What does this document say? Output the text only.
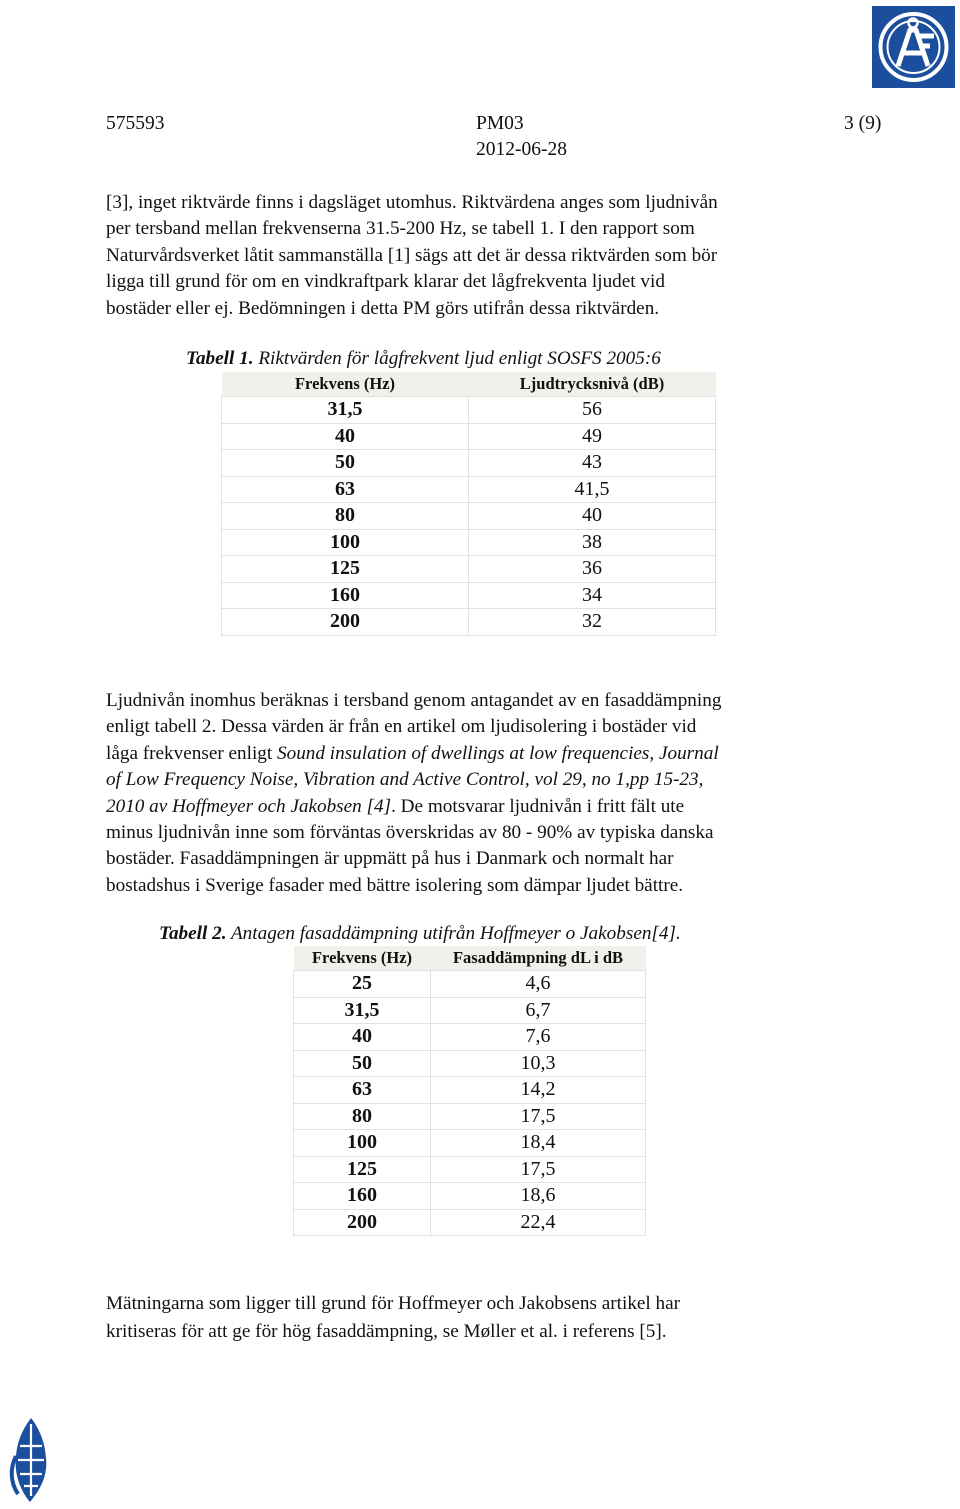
575593	PM03
2012-06-28
3 (9)
[3], inget riktvärde finns i dagsläget utomhus. Riktvärdena anges som ljudnivån
per tersband mellan frekvenserna 31.5-200 Hz, se tabell 1. I den rapport som
Naturvårdsverket låtit sammanställa [1] sägs att det är dessa riktvärden som bör
ligga till grund för om en vindkraftpark klarar det lågfrekventa ljudet vid
bostäder eller ej. Bedömningen i detta PM görs utifrån dessa riktvärden.
Tabell 1. Riktvärden för lågfrekvent ljud enligt SOSFS 2005:6
Frekvens (Hz)	Ljudtrycksnivå (dB)
31,5	56
40	49
50	43
63	41,5
80	40
100	38
125	36
160	34
200	32
Ljudnivån inomhus beräknas i tersband genom antagandet av en fasaddämpning
enligt tabell 2. Dessa värden är från en artikel om ljudisolering i bostäder vid
låga frekvenser enligt Sound insulation of dwellings at low frequencies, Journal
of Low Frequency Noise, Vibration and Active Control, vol 29, no 1,pp 15-23,
2010 av Hoffmeyer och Jakobsen [4]. De motsvarar ljudnivån i fritt fält ute
minus ljudnivån inne som förväntas överskridas av 80 - 90% av typiska danska
bostäder. Fasaddämpningen är uppmätt på hus i Danmark och normalt har
bostadshus i Sverige fasader med bättre isolering som dämpar ljudet bättre.
Tabell 2. Antagen fasaddämpning utifrån Hoffmeyer o Jakobsen[4].
Frekvens (Hz)	Fasaddämpning dL i dB
25	4,6
31,5	6,7
40	7,6
50	10,3
63	14,2
80	17,5
100	18,4
125	17,5
160	18,6
200	22,4
Mätningarna som ligger till grund för Hoffmeyer och Jakobsens artikel har
kritiseras för att ge för hög fasaddämpning, se Møller et al. i referens [5].
